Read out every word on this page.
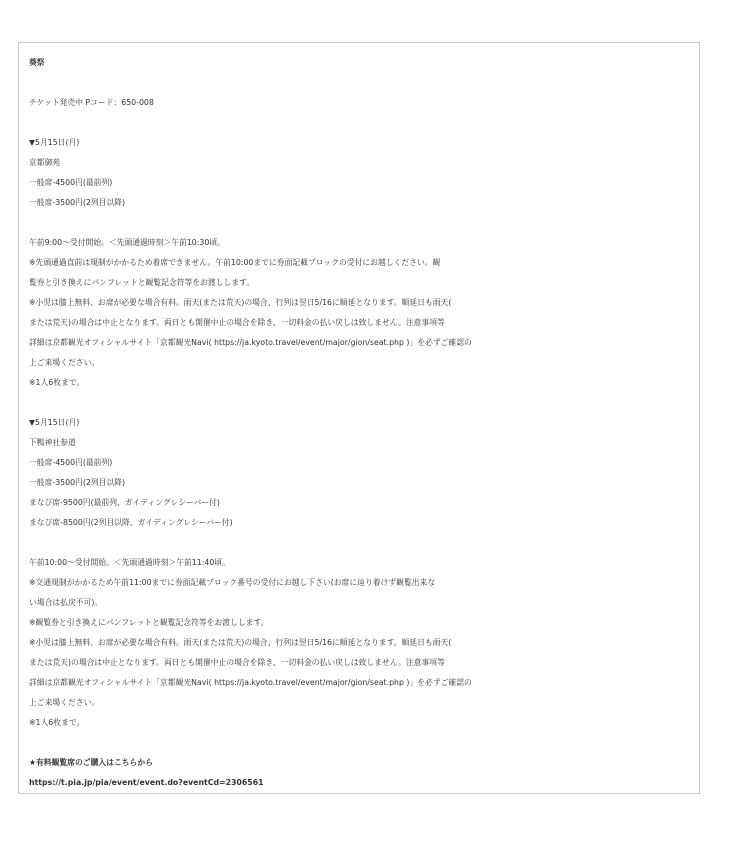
葵祭
チケット発売中 Pコード：650-008
▼5月15日(月)
京都御苑
一般席-4500円(最前列)
一般席-3500円(2列目以降)
午前9:00～受付開始。＜先頭通過時刻＞午前10:30頃。
※先頭通過直前は規制がかかるため着席できません。午前10:00までに券面記載ブロックの受付にお越しください。観
覧券と引き換えにパンフレットと観覧記念符等をお渡しします。
※小児は膝上無料、お席が必要な場合有料。雨天(または荒天)の場合、行列は翌日5/16に順延となります。順延日も雨天(
または荒天)の場合は中止となります。両日とも開催中止の場合を除き、一切料金の払い戻しは致しません。注意事項等
詳細は京都観光オフィシャルサイト「京都観光Navi( https://ja.kyoto.travel/event/major/gion/seat.php )」を必ずご確認の
上ご来場ください。
※1人6枚まで。
▼5月15日(月)
下鴨神社参道
一般席-4500円(最前列)
一般席-3500円(2列目以降)
まなび席-9500円(最前列、ガイディングレシーバー付)
まなび席-8500円(2列目以降、ガイディングレシーバー付)
午前10:00～受付開始。＜先頭通過時刻＞午前11:40頃。
※交通規制がかかるため午前11:00までに券面記載ブロック番号の受付にお越し下さい(お席に辿り着けず観覧出来な
い場合は払戻不可)。
※観覧券と引き換えにパンフレットと観覧記念符等をお渡しします。
※小児は膝上無料、お席が必要な場合有料。雨天(または荒天)の場合、行列は翌日5/16に順延となります。順延日も雨天(
または荒天)の場合は中止となります。両日とも開催中止の場合を除き、一切料金の払い戻しは致しません。注意事項等
詳細は京都観光オフィシャルサイト「京都観光Navi( https://ja.kyoto.travel/event/major/gion/seat.php )」を必ずご確認の
上ご来場ください。
※1人6枚まで。
★有料観覧席のご購入はこちらから
https://t.pia.jp/pia/event/event.do?eventCd=2306561
